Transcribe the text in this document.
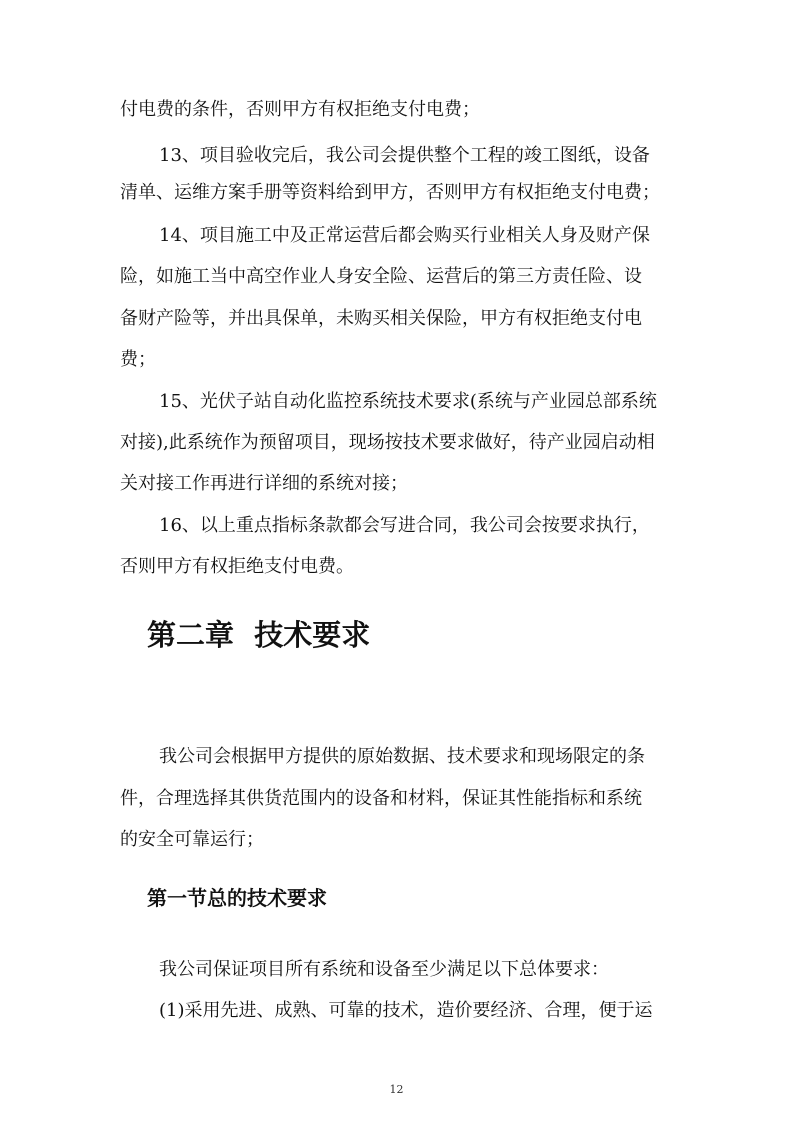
付电费的条件，否则甲方有权拒绝支付电费；
13、项目验收完后，我公司会提供整个工程的竣工图纸，设备
清单、运维方案手册等资料给到甲方，否则甲方有权拒绝支付电费；
14、项目施工中及正常运营后都会购买行业相关人身及财产保
险，如施工当中高空作业人身安全险、运营后的第三方责任险、设
备财产险等，并出具保单，未购买相关保险，甲方有权拒绝支付电
费；
15、光伏子站自动化监控系统技术要求(系统与产业园总部系统
对接),此系统作为预留项目，现场按技术要求做好，待产业园启动相
关对接工作再进行详细的系统对接；
16、以上重点指标条款都会写进合同，我公司会按要求执行，
否则甲方有权拒绝支付电费。
第二章  技术要求
我公司会根据甲方提供的原始数据、技术要求和现场限定的条
件，合理选择其供货范围内的设备和材料，保证其性能指标和系统
的安全可靠运行；
第一节总的技术要求
我公司保证项目所有系统和设备至少满足以下总体要求：
(1)采用先进、成熟、可靠的技术，造价要经济、合理，便于运
12
